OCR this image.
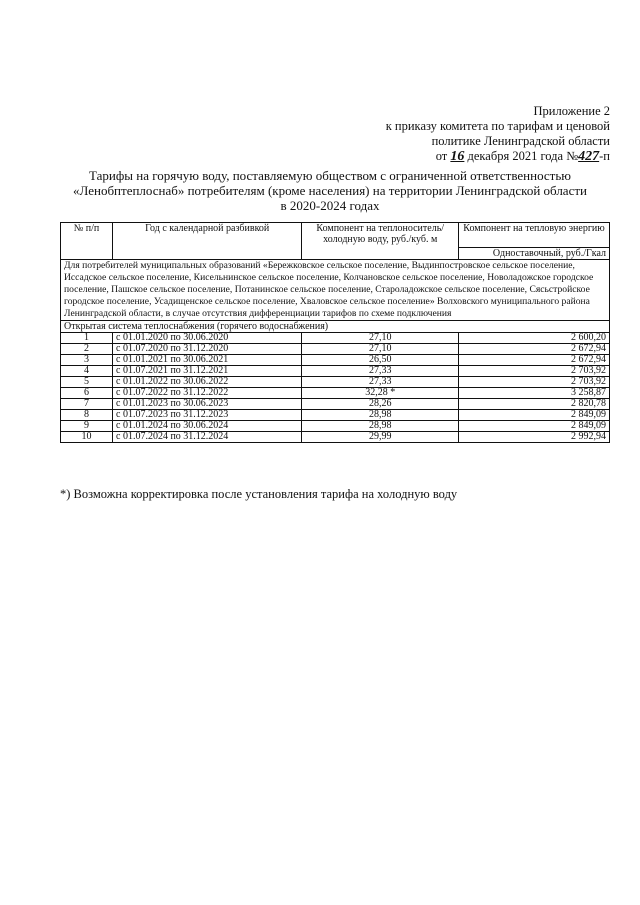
Приложение 2
к приказу комитета по тарифам и ценовой
политике Ленинградской области
от 16 декабря 2021 года №427-п
Тарифы на горячую воду, поставляемую обществом с ограниченной ответственностью
«Ленобптеплоснаб» потребителям (кроме населения) на территории Ленинградской области
в 2020-2024 годах
№ п/п	Год с календарной разбивкой	Компонент на теплоноситель/ холодную воду, руб./куб. м	Компонент на тепловую энергию
			Одноставочный, руб./Гкал
Для потребителей муниципальных образований «Бережковское сельское поселение, Выдинпостровское сельское поселение, Иссадское сельское поселение, Кисельнинское сельское поселение, Колчановское сельское поселение, Новоладожское городское поселение, Пашское сельское поселение, Потанинское сельское поселение, Староладожское сельское поселение, Сясьстройское городское поселение, Усадищенское сельское поселение, Хваловское сельское поселение» Волховского муниципального района Ленинградской области, в случае отсутствия дифференциации тарифов по схеме подключения			
Открытая система теплоснабжения (горячего водоснабжения)			
1	с 01.01.2020 по 30.06.2020	27,10	2 600,20
2	с 01.07.2020 по 31.12.2020	27,10	2 672,94
3	с 01.01.2021 по 30.06.2021	26,50	2 672,94
4	с 01.07.2021 по 31.12.2021	27,33	2 703,92
5	с 01.01.2022 по 30.06.2022	27,33	2 703,92
6	с 01.07.2022 по 31.12.2022	32,28 *	3 258,87
7	с 01.01.2023 по 30.06.2023	28,26	2 820,78
8	с 01.07.2023 по 31.12.2023	28,98	2 849,09
9	с 01.01.2024 по 30.06.2024	28,98	2 849,09
10	с 01.07.2024 по 31.12.2024	29,99	2 992,94
*) Возможна корректировка после установления тарифа на холодную воду
